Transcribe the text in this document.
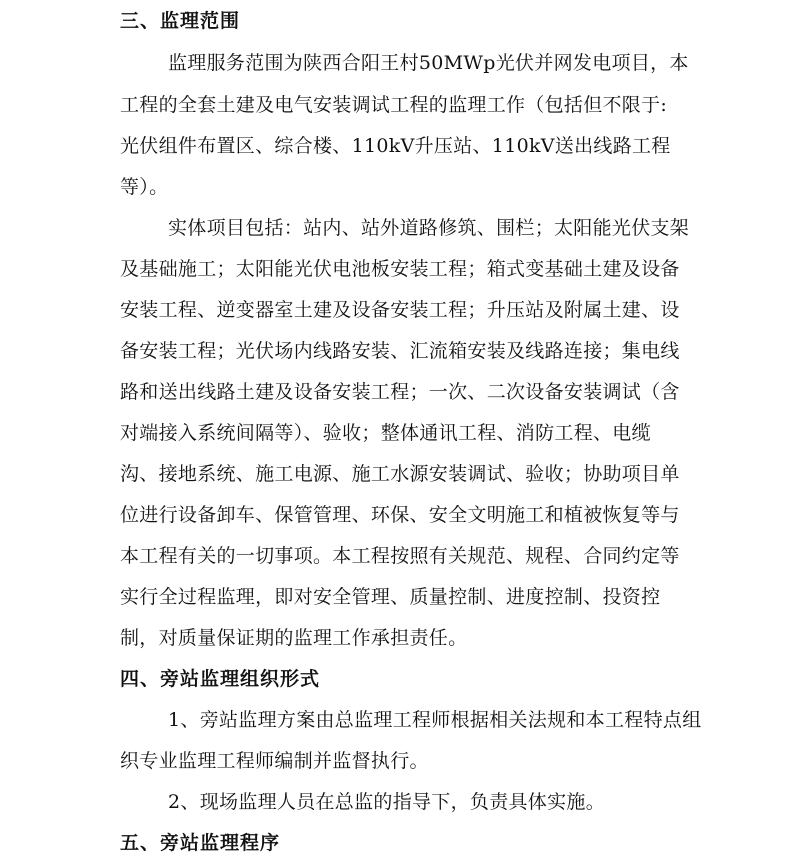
三、监理范围
监理服务范围为陕西合阳王村50MWp光伏并网发电项目，本
工程的全套土建及电气安装调试工程的监理工作（包括但不限于:
光伏组件布置区、综合楼、110kV升压站、110kV送出线路工程
等）。
实体项目包括：站内、站外道路修筑、围栏；太阳能光伏支架
及基础施工；太阳能光伏电池板安装工程；箱式变基础土建及设备
安装工程、逆变器室土建及设备安装工程；升压站及附属土建、设
备安装工程；光伏场内线路安装、汇流箱安装及线路连接；集电线
路和送出线路土建及设备安装工程；一次、二次设备安装调试（含
对端接入系统间隔等）、验收；整体通讯工程、消防工程、电缆
沟、接地系统、施工电源、施工水源安装调试、验收；协助项目单
位进行设备卸车、保管管理、环保、安全文明施工和植被恢复等与
本工程有关的一切事项。本工程按照有关规范、规程、合同约定等
实行全过程监理，即对安全管理、质量控制、进度控制、投资控
制，对质量保证期的监理工作承担责任。
四、旁站监理组织形式
1、旁站监理方案由总监理工程师根据相关法规和本工程特点组
织专业监理工程师编制并监督执行。
2、现场监理人员在总监的指导下，负责具体实施。
五、旁站监理程序
